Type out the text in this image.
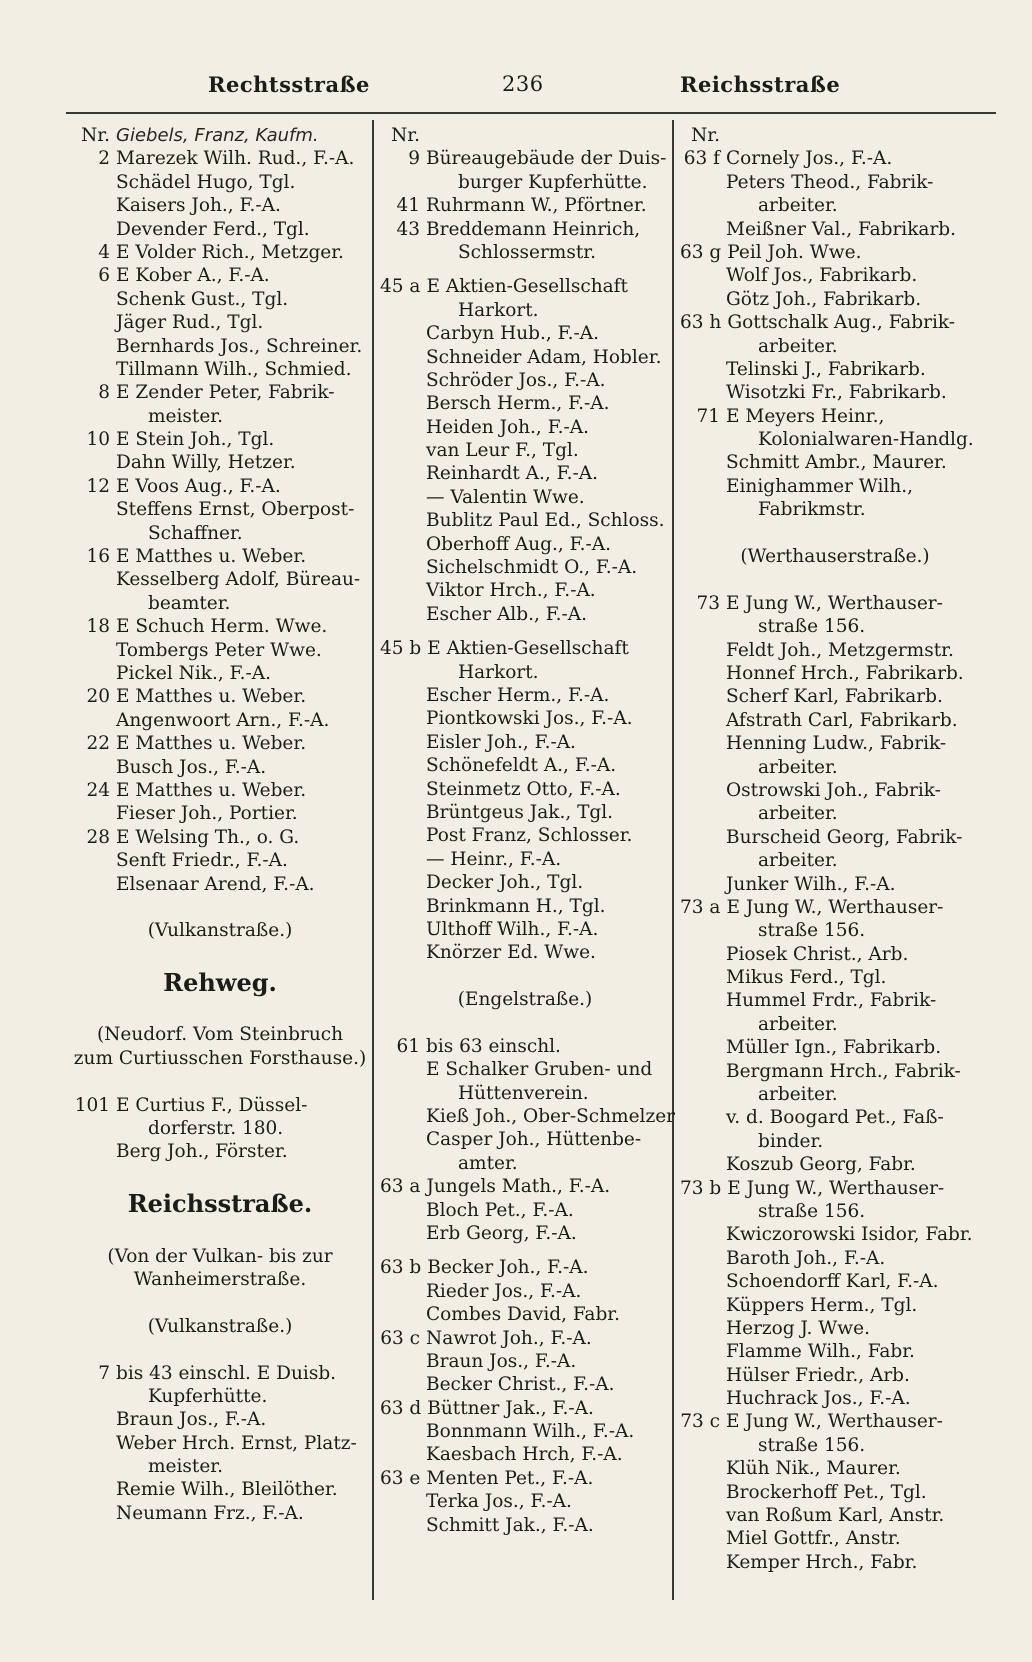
Rechtsstraße	236	Reichsstraße
Nr. Giebels, Franz, Kaufm.
2 Marezek Wilh. Rud., F.-A.
Schädel Hugo, Tgl.
Kaisers Joh., F.-A.
Devender Ferd., Tgl.
4 E Volder Rich., Metzger.
6 E Kober A., F.-A.
Schenk Gust., Tgl.
Jäger Rud., Tgl.
Bernhards Jos., Schreiner.
Tillmann Wilh., Schmied.
8 E Zender Peter, Fabrik-
meister.
10 E Stein Joh., Tgl.
Dahn Willy, Hetzer.
12 E Voos Aug., F.-A.
Steffens Ernst, Oberpost-
Schaffner.
16 E Matthes u. Weber.
Kesselberg Adolf, Büreau-
beamter.
18 E Schuch Herm. Wwe.
Tombergs Peter Wwe.
Pickel Nik., F.-A.
20 E Matthes u. Weber.
Angenwoort Arn., F.-A.
22 E Matthes u. Weber.
Busch Jos., F.-A.
24 E Matthes u. Weber.
Fieser Joh., Portier.
28 E Welsing Th., o. G.
Senft Friedr., F.-A.
Elsenaar Arend, F.-A.
(Vulkanstraße.)
Rehweg.
(Neudorf. Vom Steinbruch
zum Curtiusschen Forsthause.)
101 E Curtius F., Düssel-
dorferstr. 180.
Berg Joh., Förster.
Reichsstraße.
(Von der Vulkan- bis zur
Wanheimerstraße.
(Vulkanstraße.)
7 bis 43 einschl. E Duisb.
Kupferhütte.
Braun Jos., F.-A.
Weber Hrch. Ernst, Platz-
meister.
Remie Wilh., Bleilöther.
Neumann Frz., F.-A.
Nr.
9 Büreaugebäude der Duis-
burger Kupferhütte.
41 Ruhrmann W., Pförtner.
43 Breddemann Heinrich,
Schlossermstr.
45 a E Aktien-Gesellschaft
Harkort.
Carbyn Hub., F.-A.
Schneider Adam, Hobler.
Schröder Jos., F.-A.
Bersch Herm., F.-A.
Heiden Joh., F.-A.
van Leur F., Tgl.
Reinhardt A., F.-A.
— Valentin Wwe.
Bublitz Paul Ed., Schloss.
Oberhoff Aug., F.-A.
Sichelschmidt O., F.-A.
Viktor Hrch., F.-A.
Escher Alb., F.-A.
45 b E Aktien-Gesellschaft
Harkort.
Escher Herm., F.-A.
Piontkowski Jos., F.-A.
Eisler Joh., F.-A.
Schönefeldt A., F.-A.
Steinmetz Otto, F.-A.
Brüntgeus Jak., Tgl.
Post Franz, Schlosser.
— Heinr., F.-A.
Decker Joh., Tgl.
Brinkmann H., Tgl.
Ulthoff Wilh., F.-A.
Knörzer Ed. Wwe.
(Engelstraße.)
61 bis 63 einschl.
E Schalker Gruben- und
Hüttenverein.
Kieß Joh., Ober-Schmelzer
Casper Joh., Hüttenbe-
amter.
63 a Jungels Math., F.-A.
Bloch Pet., F.-A.
Erb Georg, F.-A.
63 b Becker Joh., F.-A.
Rieder Jos., F.-A.
Combes David, Fabr.
63 c Nawrot Joh., F.-A.
Braun Jos., F.-A.
Becker Christ., F.-A.
63 d Büttner Jak., F.-A.
Bonnmann Wilh., F.-A.
Kaesbach Hrch, F.-A.
63 e Menten Pet., F.-A.
Terka Jos., F.-A.
Schmitt Jak., F.-A.
Nr.
63 f Cornely Jos., F.-A.
Peters Theod., Fabrik-
arbeiter.
Meißner Val., Fabrikarb.
63 g Peil Joh. Wwe.
Wolf Jos., Fabrikarb.
Götz Joh., Fabrikarb.
63 h Gottschalk Aug., Fabrik-
arbeiter.
Telinski J., Fabrikarb.
Wisotzki Fr., Fabrikarb.
71 E Meyers Heinr.,
Kolonialwaren-Handlg.
Schmitt Ambr., Maurer.
Einighammer Wilh.,
Fabrikmstr.
(Werthauserstraße.)
73 E Jung W., Werthauser-
straße 156.
Feldt Joh., Metzgermstr.
Honnef Hrch., Fabrikarb.
Scherf Karl, Fabrikarb.
Afstrath Carl, Fabrikarb.
Henning Ludw., Fabrik-
arbeiter.
Ostrowski Joh., Fabrik-
arbeiter.
Burscheid Georg, Fabrik-
arbeiter.
Junker Wilh., F.-A.
73 a E Jung W., Werthauser-
straße 156.
Piosek Christ., Arb.
Mikus Ferd., Tgl.
Hummel Frdr., Fabrik-
arbeiter.
Müller Ign., Fabrikarb.
Bergmann Hrch., Fabrik-
arbeiter.
v. d. Boogard Pet., Faß-
binder.
Koszub Georg, Fabr.
73 b E Jung W., Werthauser-
straße 156.
Kwiczorowski Isidor, Fabr.
Baroth Joh., F.-A.
Schoendorff Karl, F.-A.
Küppers Herm., Tgl.
Herzog J. Wwe.
Flamme Wilh., Fabr.
Hülser Friedr., Arb.
Huchrack Jos., F.-A.
73 c E Jung W., Werthauser-
straße 156.
Klüh Nik., Maurer.
Brockerhoff Pet., Tgl.
van Roßum Karl, Anstr.
Miel Gottfr., Anstr.
Kemper Hrch., Fabr.
